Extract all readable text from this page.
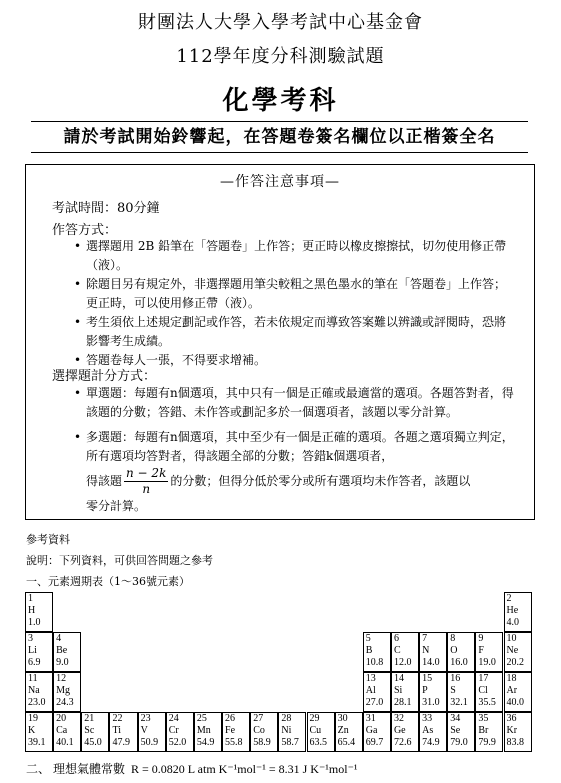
財團法人大學入學考試中心基金會
112學年度分科測驗試題
化學考科
請於考試開始鈴響起，在答題卷簽名欄位以正楷簽全名
—作答注意事項—
考試時間：80分鐘
作答方式：
• 選擇題用 2B 鉛筆在「答題卷」上作答；更正時以橡皮擦擦拭，切勿使用修正帶（液）。
• 除題目另有規定外，非選擇題用筆尖較粗之黑色墨水的筆在「答題卷」上作答；更正時，可以使用修正帶（液）。
• 考生須依上述規定劃記或作答，若未依規定而導致答案難以辨識或評閱時，恐將影響考生成績。
• 答題卷每人一張，不得要求增補。
選擇題計分方式：
• 單選題：每題有n個選項，其中只有一個是正確或最適當的選項。各題答對者，得該題的分數；答錯、未作答或劃記多於一個選項者，該題以零分計算。
• 多選題：每題有n個選項，其中至少有一個是正確的選項。各題之選項獨立判定，所有選項均答對者，得該題全部的分數；答錯k個選項者，
得該題 $\frac{n - 2k}{n}$ 的分數；但得分低於零分或所有選項均未作答者，該題以
零分計算。
參考資料
說明：下列資料，可供回答問題之參考
一、元素週期表（1～36號元素）
1
H
1.0
2
He
4.0
3
Li
6.9
4
Be
9.0
5
B
10.8
6
C
12.0
7
N
14.0
8
O
16.0
9
F
19.0
10
Ne
20.2
11
Na
23.0
12
Mg
24.3
13
Al
27.0
14
Si
28.1
15
P
31.0
16
S
32.1
17
Cl
35.5
18
Ar
40.0
19
K
39.1
20
Ca
40.1
21
Sc
45.0
22
Ti
47.9
23
V
50.9
24
Cr
52.0
25
Mn
54.9
26
Fe
55.8
27
Co
58.9
28
Ni
58.7
29
Cu
63.5
30
Zn
65.4
31
Ga
69.7
32
Ge
72.6
33
As
74.9
34
Se
79.0
35
Br
79.9
36
Kr
83.8
二、 理想氣體常數 R = 0.0820 L atm K⁻¹mol⁻¹ = 8.31 J K⁻¹mol⁻¹
